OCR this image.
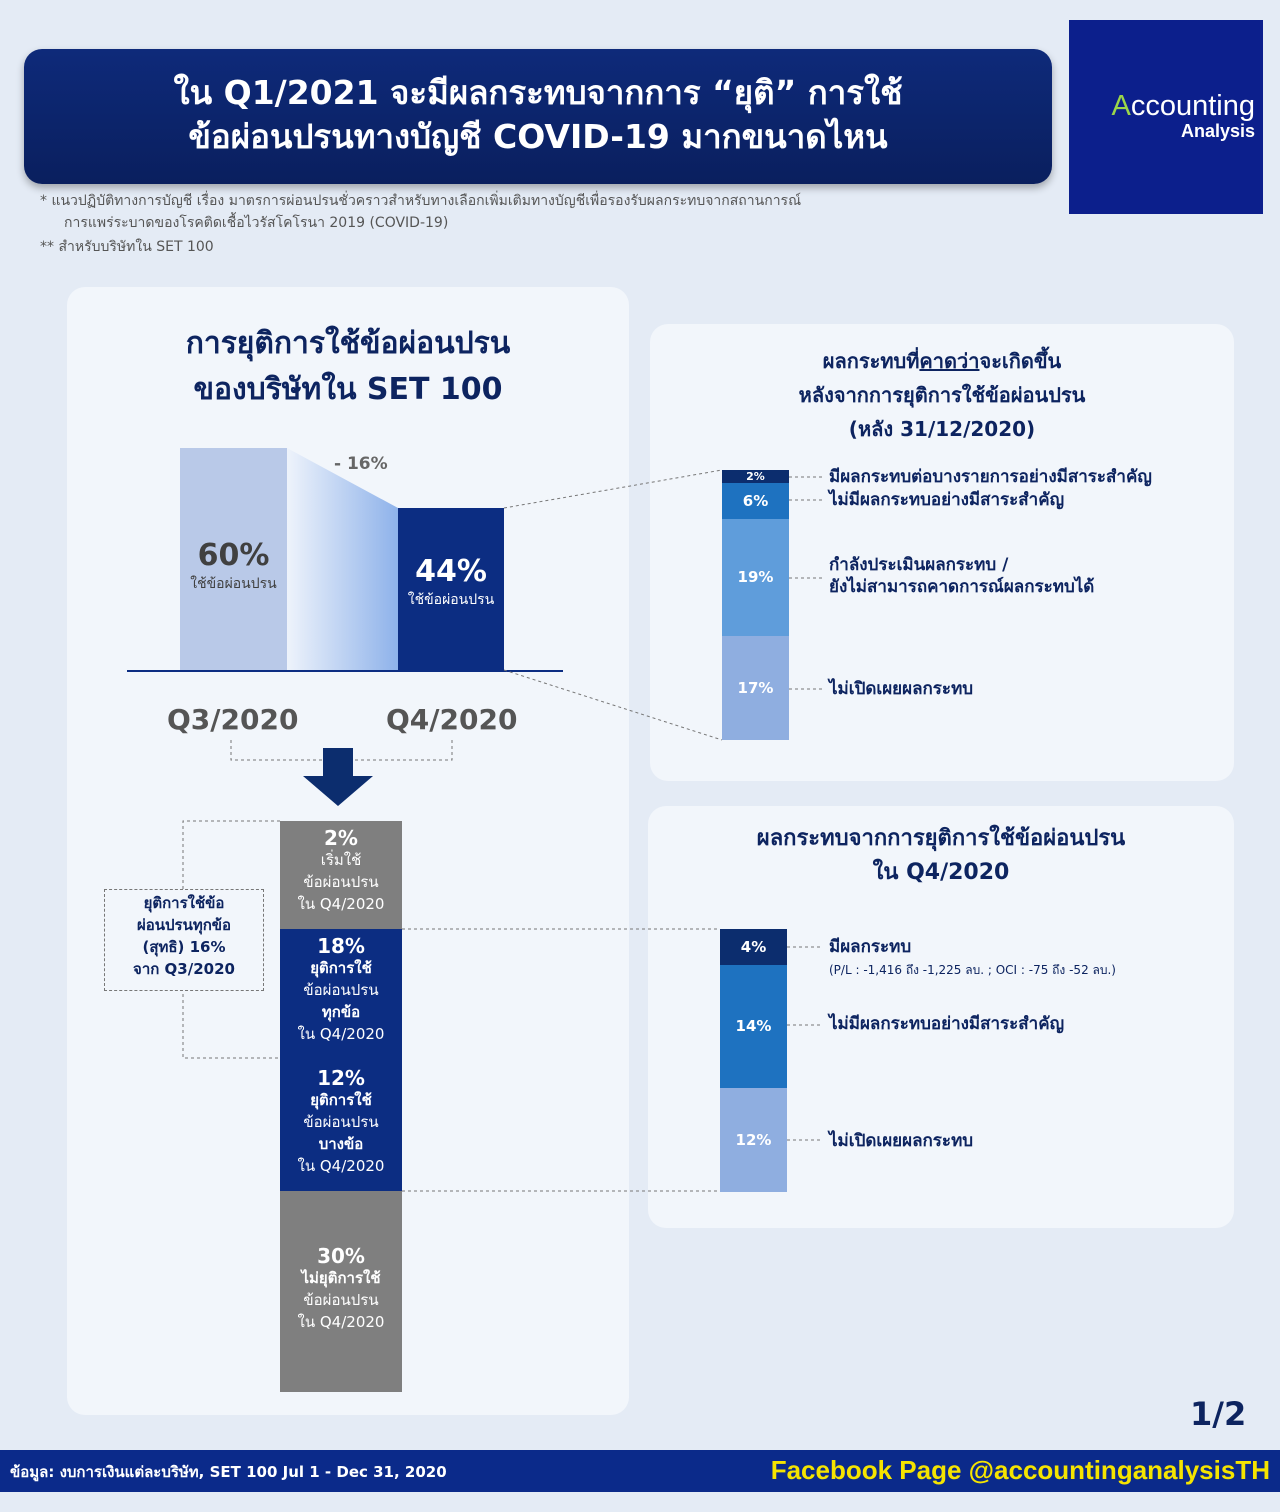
ใน Q1/2021 จะมีผลกระทบจากการ “ยุติ” การใช้
ข้อผ่อนปรนทางบัญชี COVID-19 มากขนาดไหน
Accounting
Analysis
* แนวปฏิบัติทางการบัญชี เรื่อง มาตรการผ่อนปรนชั่วคราวสำหรับทางเลือกเพิ่มเติมทางบัญชีเพื่อรองรับผลกระทบจากสถานการณ์
การแพร่ระบาดของโรคติดเชื้อไวรัสโคโรนา 2019 (COVID-19)
** สำหรับบริษัทใน SET 100
การยุติการใช้ข้อผ่อนปรน
ของบริษัทใน SET 100
60%
ใช้ข้อผ่อนปรน	44%
ใช้ข้อผ่อนปรน
- 16%
Q3/2020	Q4/2020
ยุติการใช้ข้อ
ผ่อนปรนทุกข้อ
(สุทธิ) 16%
จาก Q3/2020
2%
เริ่มใช้
ข้อผ่อนปรน
ใน Q4/2020
18%
ยุติการใช้
ข้อผ่อนปรน
ทุกข้อ
ใน Q4/2020
12%
ยุติการใช้
ข้อผ่อนปรน
บางข้อ
ใน Q4/2020
30%
ไม่ยุติการใช้
ข้อผ่อนปรน
ใน Q4/2020
ผลกระทบที่คาดว่าจะเกิดขึ้น
หลังจากการยุติการใช้ข้อผ่อนปรน
(หลัง 31/12/2020)
2%
6%
19%
17%
มีผลกระทบต่อบางรายการอย่างมีสาระสำคัญ
ไม่มีผลกระทบอย่างมีสาระสำคัญ
กำลังประเมินผลกระทบ /
ยังไม่สามารถคาดการณ์ผลกระทบได้
ไม่เปิดเผยผลกระทบ
ผลกระทบจากการยุติการใช้ข้อผ่อนปรน
ใน Q4/2020
4%
14%
12%
มีผลกระทบ
(P/L : -1,416 ถึง -1,225 ลบ. ; OCI : -75 ถึง -52 ลบ.)
ไม่มีผลกระทบอย่างมีสาระสำคัญ
ไม่เปิดเผยผลกระทบ
1/2
ข้อมูล: งบการเงินแต่ละบริษัท, SET 100 Jul 1 - Dec 31, 2020	Facebook Page @accountinganalysisTH
